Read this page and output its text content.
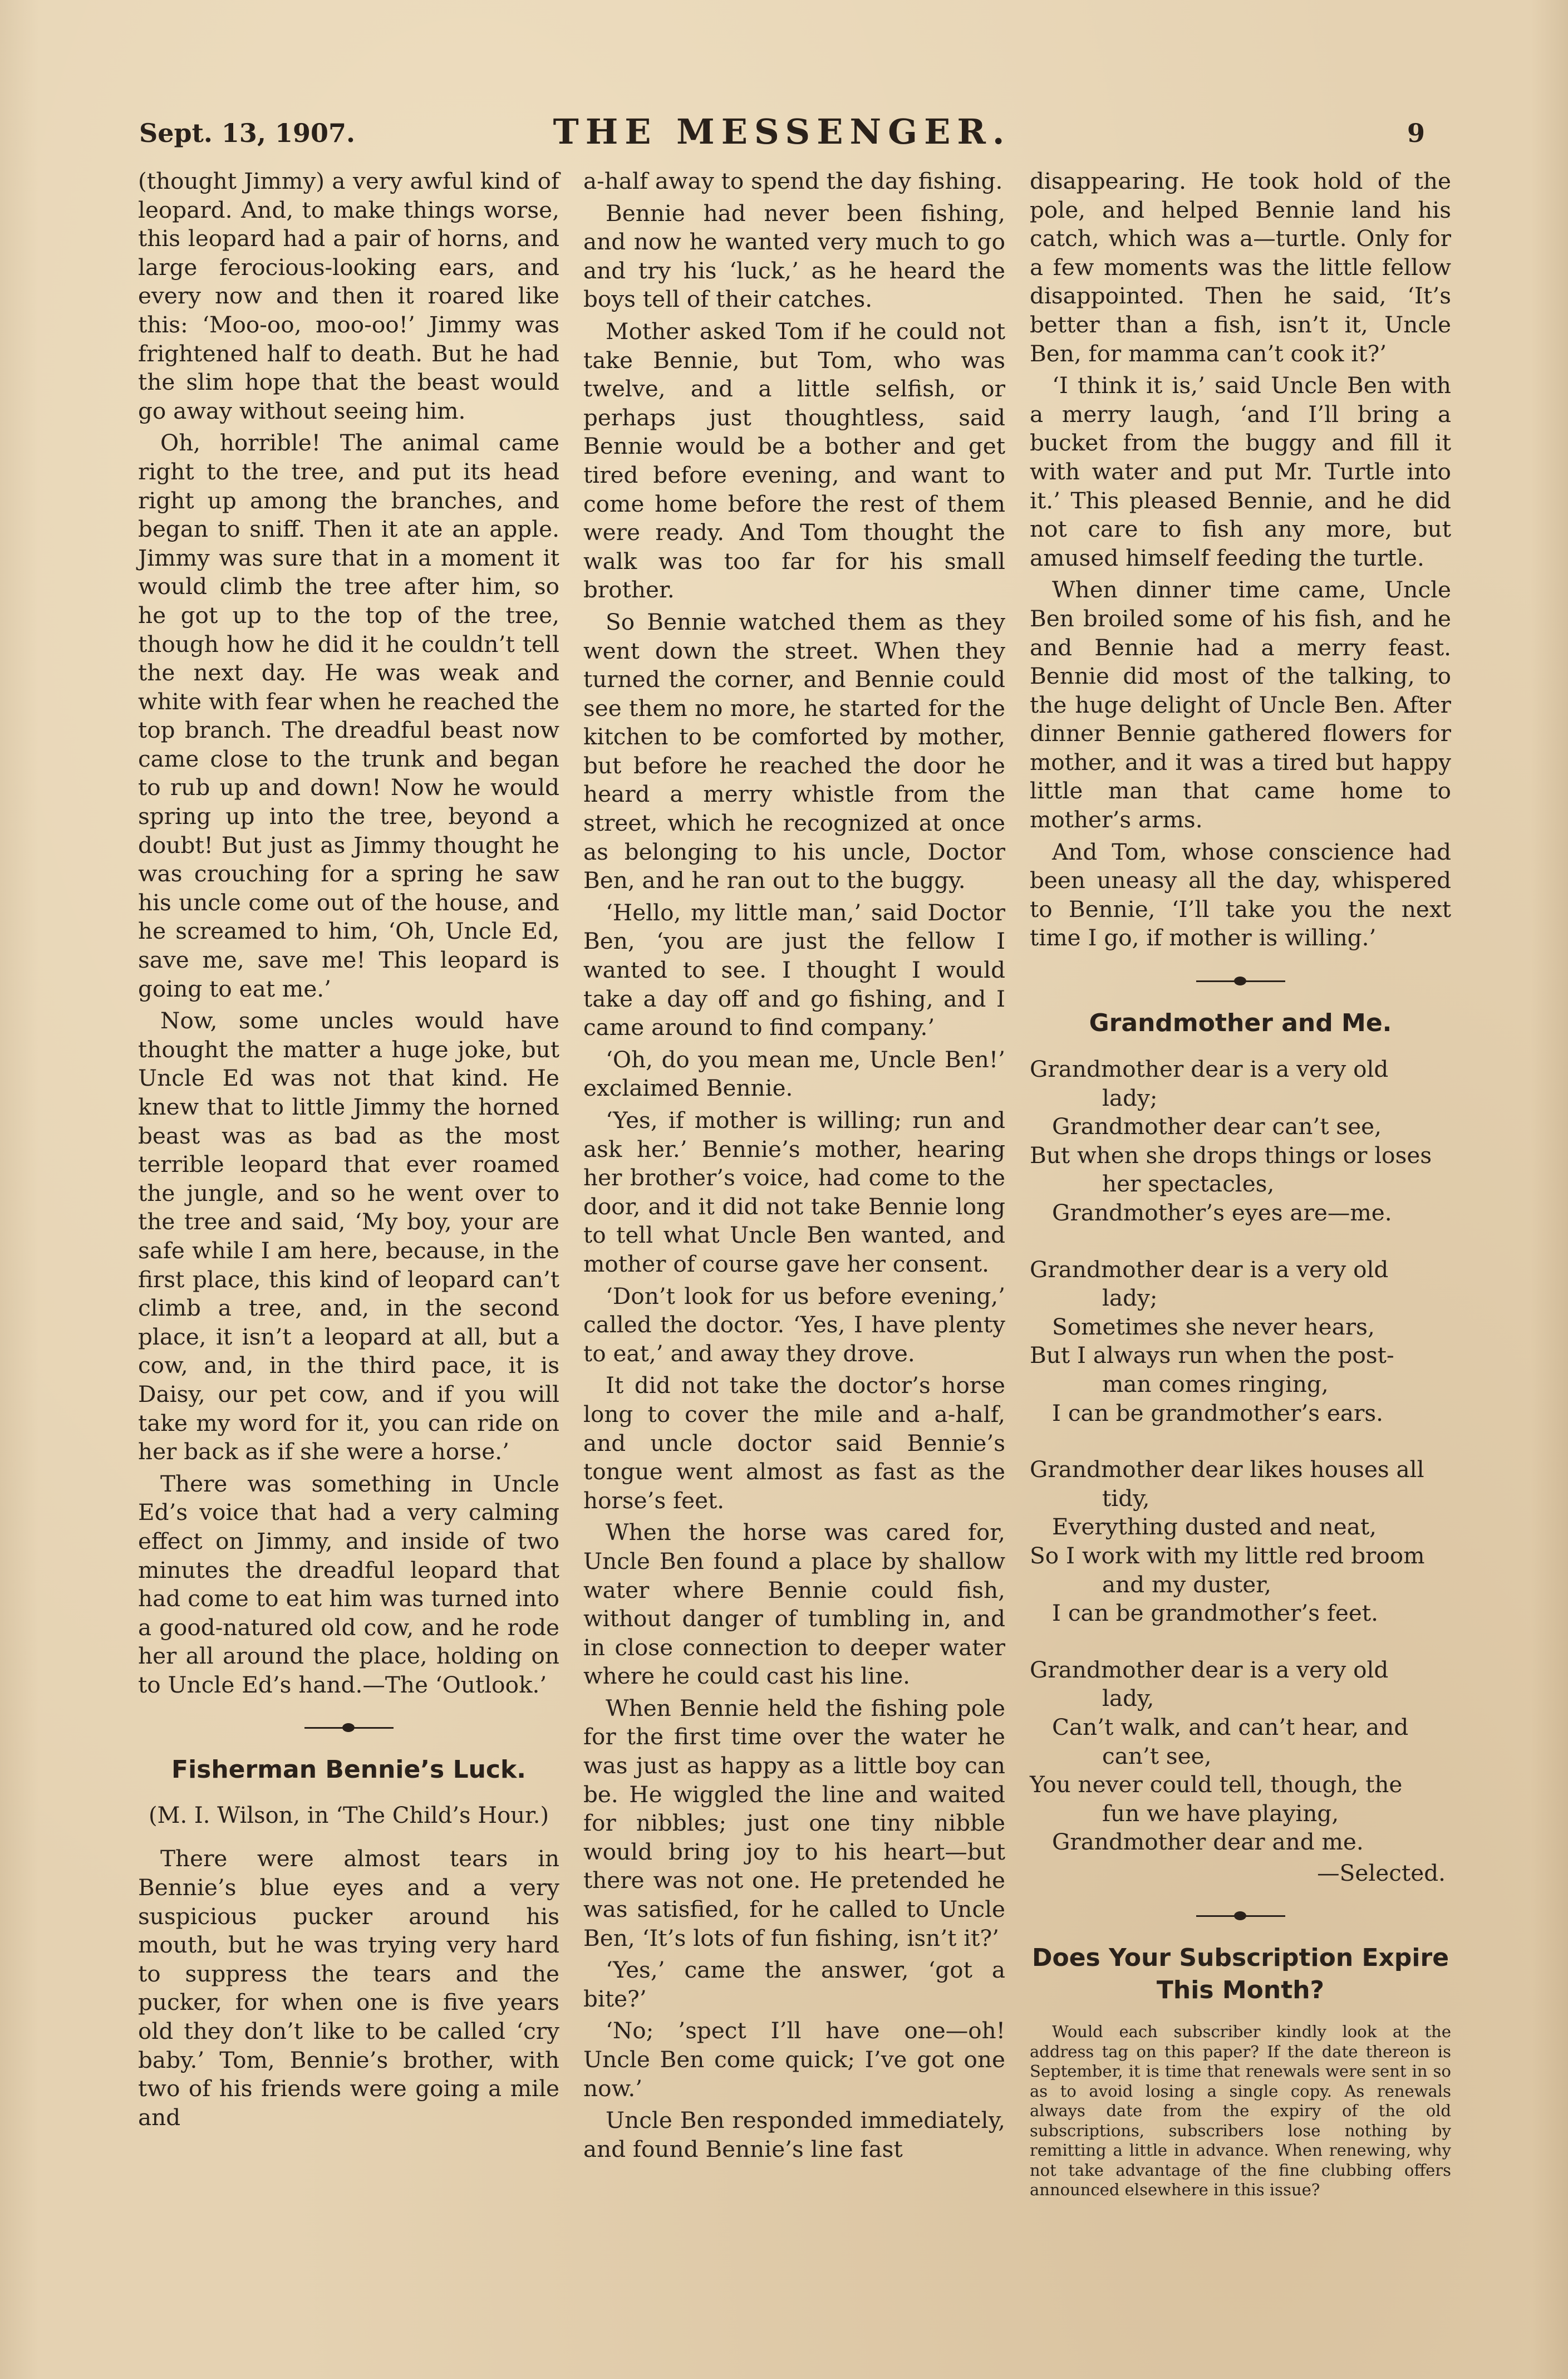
Sept. 13, 1907.	THE MESSENGER.	9

(thought Jimmy) a very awful kind of leopard. And, to make things worse, this leopard had a pair of horns, and large ferocious-looking ears, and every now and then it roared like this: ‘Moo-oo, moo-oo!’ Jimmy was frightened half to death. But he had the slim hope that the beast would go away without seeing him.

Oh, horrible! The animal came right to the tree, and put its head right up among the branches, and began to sniff. Then it ate an apple. Jimmy was sure that in a moment it would climb the tree after him, so he got up to the top of the tree, though how he did it he couldn’t tell the next day. He was weak and white with fear when he reached the top branch. The dreadful beast now came close to the trunk and began to rub up and down! Now he would spring up into the tree, beyond a doubt! But just as Jimmy thought he was crouching for a spring he saw his uncle come out of the house, and he screamed to him, ‘Oh, Uncle Ed, save me, save me! This leopard is going to eat me.’

Now, some uncles would have thought the matter a huge joke, but Uncle Ed was not that kind. He knew that to little Jimmy the horned beast was as bad as the most terrible leopard that ever roamed the jungle, and so he went over to the tree and said, ‘My boy, your are safe while I am here, because, in the first place, this kind of leopard can’t climb a tree, and, in the second place, it isn’t a leopard at all, but a cow, and, in the third pace, it is Daisy, our pet cow, and if you will take my word for it, you can ride on her back as if she were a horse.’

There was something in Uncle Ed’s voice that had a very calming effect on Jimmy, and inside of two minutes the dreadful leopard that had come to eat him was turned into a good-natured old cow, and he rode her all around the place, holding on to Uncle Ed’s hand.—The ‘Outlook.’

Fisherman Bennie’s Luck.
(M. I. Wilson, in ‘The Child’s Hour.)

There were almost tears in Bennie’s blue eyes and a very suspicious pucker around his mouth, but he was trying very hard to suppress the tears and the pucker, for when one is five years old they don’t like to be called ‘cry baby.’ Tom, Bennie’s brother, with two of his friends were going a mile and

a-half away to spend the day fishing.

Bennie had never been fishing, and now he wanted very much to go and try his ‘luck,’ as he heard the boys tell of their catches.

Mother asked Tom if he could not take Bennie, but Tom, who was twelve, and a little selfish, or perhaps just thoughtless, said Bennie would be a bother and get tired before evening, and want to come home before the rest of them were ready. And Tom thought the walk was too far for his small brother.

So Bennie watched them as they went down the street. When they turned the corner, and Bennie could see them no more, he started for the kitchen to be comforted by mother, but before he reached the door he heard a merry whistle from the street, which he recognized at once as belonging to his uncle, Doctor Ben, and he ran out to the buggy.

‘Hello, my little man,’ said Doctor Ben, ‘you are just the fellow I wanted to see. I thought I would take a day off and go fishing, and I came around to find company.’

‘Oh, do you mean me, Uncle Ben!’ exclaimed Bennie.

‘Yes, if mother is willing; run and ask her.’ Bennie’s mother, hearing her brother’s voice, had come to the door, and it did not take Bennie long to tell what Uncle Ben wanted, and mother of course gave her consent.

‘Don’t look for us before evening,’ called the doctor. ‘Yes, I have plenty to eat,’ and away they drove.

It did not take the doctor’s horse long to cover the mile and a-half, and uncle doctor said Bennie’s tongue went almost as fast as the horse’s feet.

When the horse was cared for, Uncle Ben found a place by shallow water where Bennie could fish, without danger of tumbling in, and in close connection to deeper water where he could cast his line.

When Bennie held the fishing pole for the first time over the water he was just as happy as a little boy can be. He wiggled the line and waited for nibbles; just one tiny nibble would bring joy to his heart—but there was not one. He pretended he was satisfied, for he called to Uncle Ben, ‘It’s lots of fun fishing, isn’t it?’

‘Yes,’ came the answer, ‘got a bite?’

‘No; ’spect I’ll have one—oh! Uncle Ben come quick; I’ve got one now.’

Uncle Ben responded immediately, and found Bennie’s line fast

disappearing. He took hold of the pole, and helped Bennie land his catch, which was a—turtle. Only for a few moments was the little fellow disappointed. Then he said, ‘It’s better than a fish, isn’t it, Uncle Ben, for mamma can’t cook it?’

‘I think it is,’ said Uncle Ben with a merry laugh, ‘and I’ll bring a bucket from the buggy and fill it with water and put Mr. Turtle into it.’ This pleased Bennie, and he did not care to fish any more, but amused himself feeding the turtle.

When dinner time came, Uncle Ben broiled some of his fish, and he and Bennie had a merry feast. Bennie did most of the talking, to the huge delight of Uncle Ben. After dinner Bennie gathered flowers for mother, and it was a tired but happy little man that came home to mother’s arms.

And Tom, whose conscience had been uneasy all the day, whispered to Bennie, ‘I’ll take you the next time I go, if mother is willing.’

Grandmother and Me.
Grandmother dear is a very old
lady;
Grandmother dear can’t see,
But when she drops things or loses
her spectacles,
Grandmother’s eyes are—me.
Grandmother dear is a very old
lady;
Sometimes she never hears,
But I always run when the post-
man comes ringing,
I can be grandmother’s ears.
Grandmother dear likes houses all
tidy,
Everything dusted and neat,
So I work with my little red broom
and my duster,
I can be grandmother’s feet.
Grandmother dear is a very old
lady,
Can’t walk, and can’t hear, and
can’t see,
You never could tell, though, the
fun we have playing,
Grandmother dear and me.
—Selected.
Does Your Subscription Expire This Month?

Would each subscriber kindly look at the address tag on this paper? If the date thereon is September, it is time that renewals were sent in so as to avoid losing a single copy. As renewals always date from the expiry of the old subscriptions, subscribers lose nothing by remitting a little in advance. When renewing, why not take advantage of the fine clubbing offers announced elsewhere in this issue?
